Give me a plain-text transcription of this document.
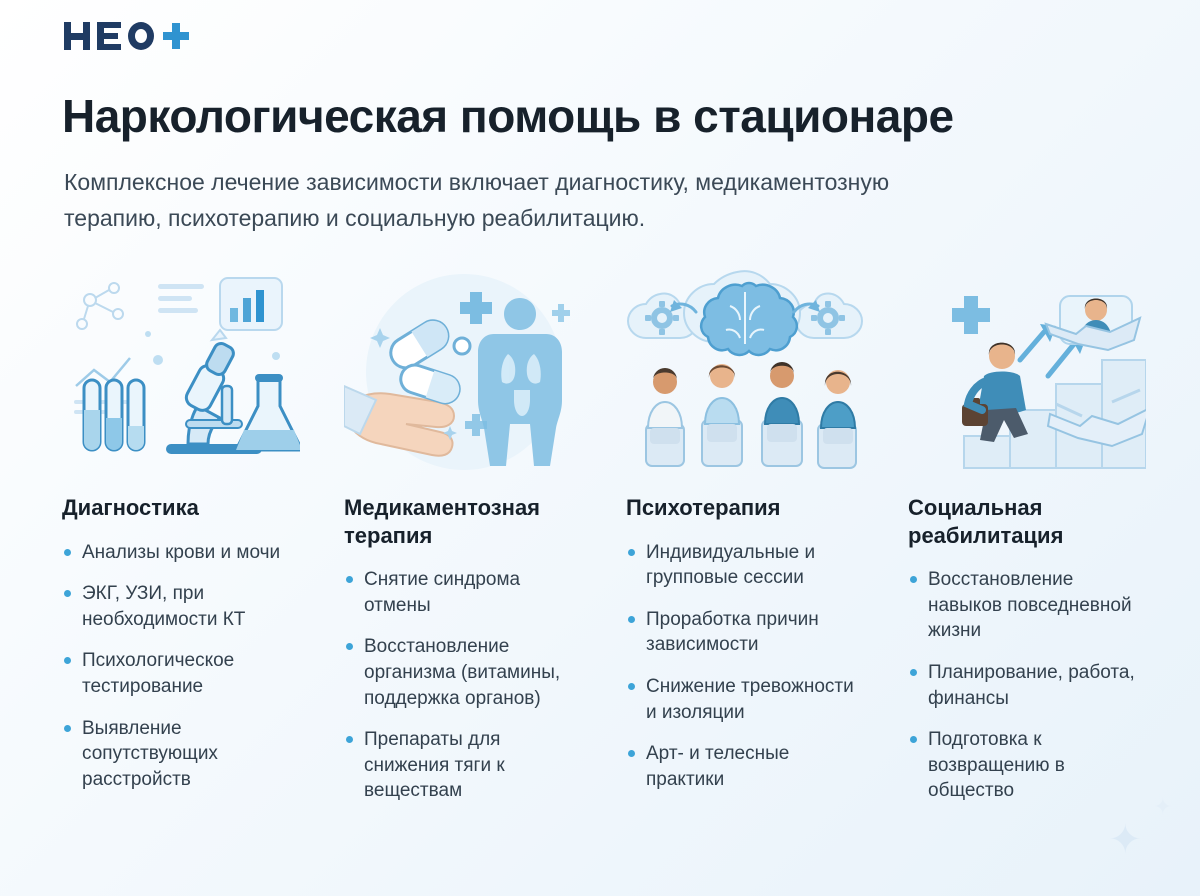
Наркологическая помощь в стационаре

Комплексное лечение зависимости включает диагностику, медикаментозную терапию, психотерапию и социальную реабилитацию.

Диагностика
Анализы крови и мочи
ЭКГ, УЗИ, при необходимости КТ
Психологическое тестирование
Выявление сопутствующих расстройств
Медикаментозная терапия
Снятие синдрома отмены
Восстановление организма (витамины, поддержка органов)
Препараты для снижения тяги к веществам
Психотерапия
Индивидуальные и групповые сессии
Проработка причин зависимости
Снижение тревожности и изоляции
Арт- и телесные практики
Социальная реабилитация
Восстановление навыков повседневной жизни
Планирование, работа, финансы
Подготовка к возвращению в общество
✦
✦
